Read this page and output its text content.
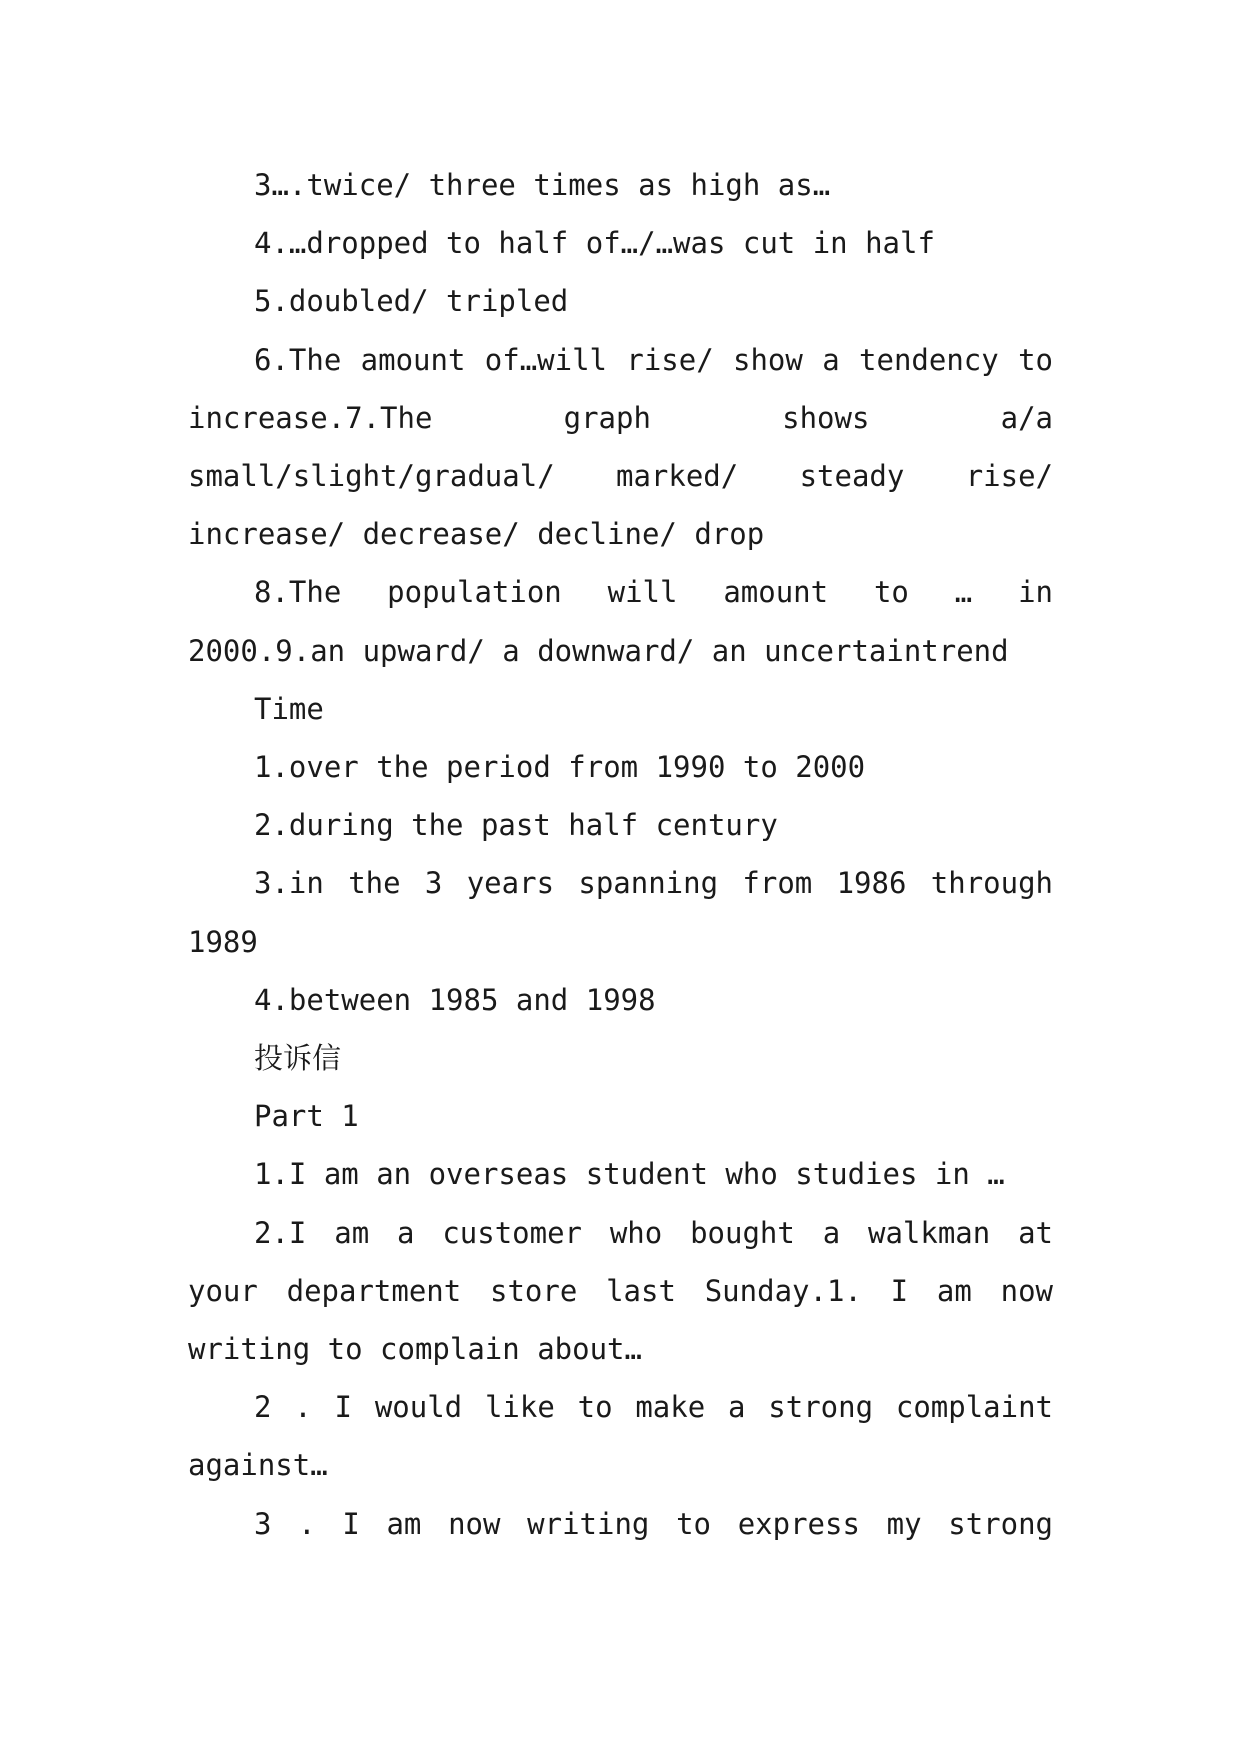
3….twice/ three times as high as…

4.…dropped to half of…/…was cut in half

5.doubled/ tripled

6.The amount of…will rise/ show a tendency to increase.7.The graph shows a/a small/slight/gradual/ marked/ steady rise/ increase/ decrease/ decline/ drop

8.The population will amount to … in 2000.9.an upward/ a downward/ an uncertaintrend

Time

1.over the period from 1990 to 2000

2.during the past half century

3.in the 3 years spanning from 1986 through 1989

4.between 1985 and 1998

投诉信

Part 1

1.I am an overseas student who studies in …

2.I am a customer who bought a walkman at your department store last Sunday.1. I am now writing to complain about…

2 . I would like to make a strong complaint against…

3 . I am now writing to express my strong
